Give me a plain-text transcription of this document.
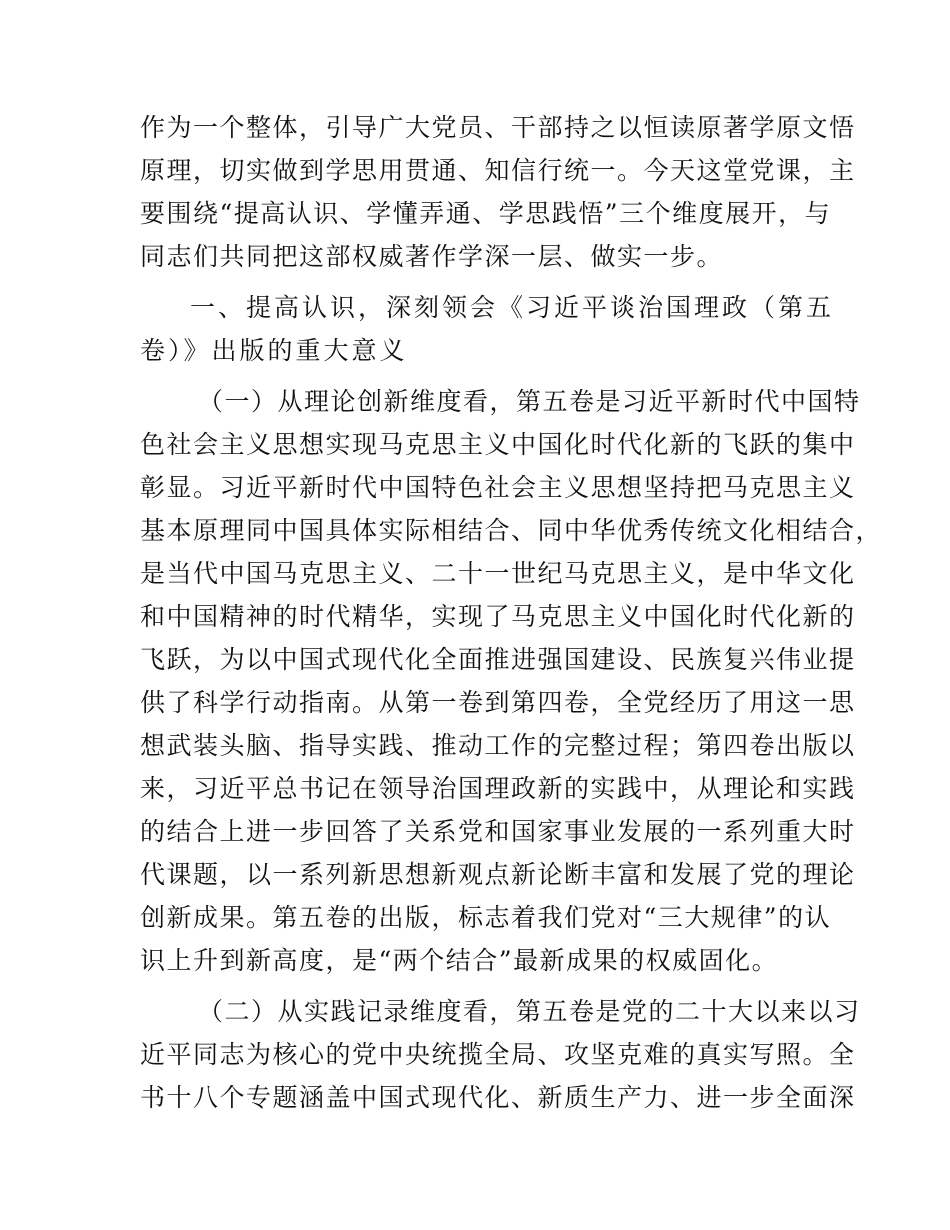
作为一个整体，引导广大党员、干部持之以恒读原著学原文悟
原理，切实做到学思用贯通、知信行统一。今天这堂党课，主
要围绕“提高认识、学懂弄通、学思践悟”三个维度展开，与
同志们共同把这部权威著作学深一层、做实一步。
一、提高认识，深刻领会《习近平谈治国理政（第五
卷）》出版的重大意义
（一）从理论创新维度看，第五卷是习近平新时代中国特
色社会主义思想实现马克思主义中国化时代化新的飞跃的集中
彰显。习近平新时代中国特色社会主义思想坚持把马克思主义
基本原理同中国具体实际相结合、同中华优秀传统文化相结合，
是当代中国马克思主义、二十一世纪马克思主义，是中华文化
和中国精神的时代精华，实现了马克思主义中国化时代化新的
飞跃，为以中国式现代化全面推进强国建设、民族复兴伟业提
供了科学行动指南。从第一卷到第四卷，全党经历了用这一思
想武装头脑、指导实践、推动工作的完整过程；第四卷出版以
来，习近平总书记在领导治国理政新的实践中，从理论和实践
的结合上进一步回答了关系党和国家事业发展的一系列重大时
代课题，以一系列新思想新观点新论断丰富和发展了党的理论
创新成果。第五卷的出版，标志着我们党对“三大规律”的认
识上升到新高度，是“两个结合”最新成果的权威固化。
（二）从实践记录维度看，第五卷是党的二十大以来以习
近平同志为核心的党中央统揽全局、攻坚克难的真实写照。全
书十八个专题涵盖中国式现代化、新质生产力、进一步全面深
